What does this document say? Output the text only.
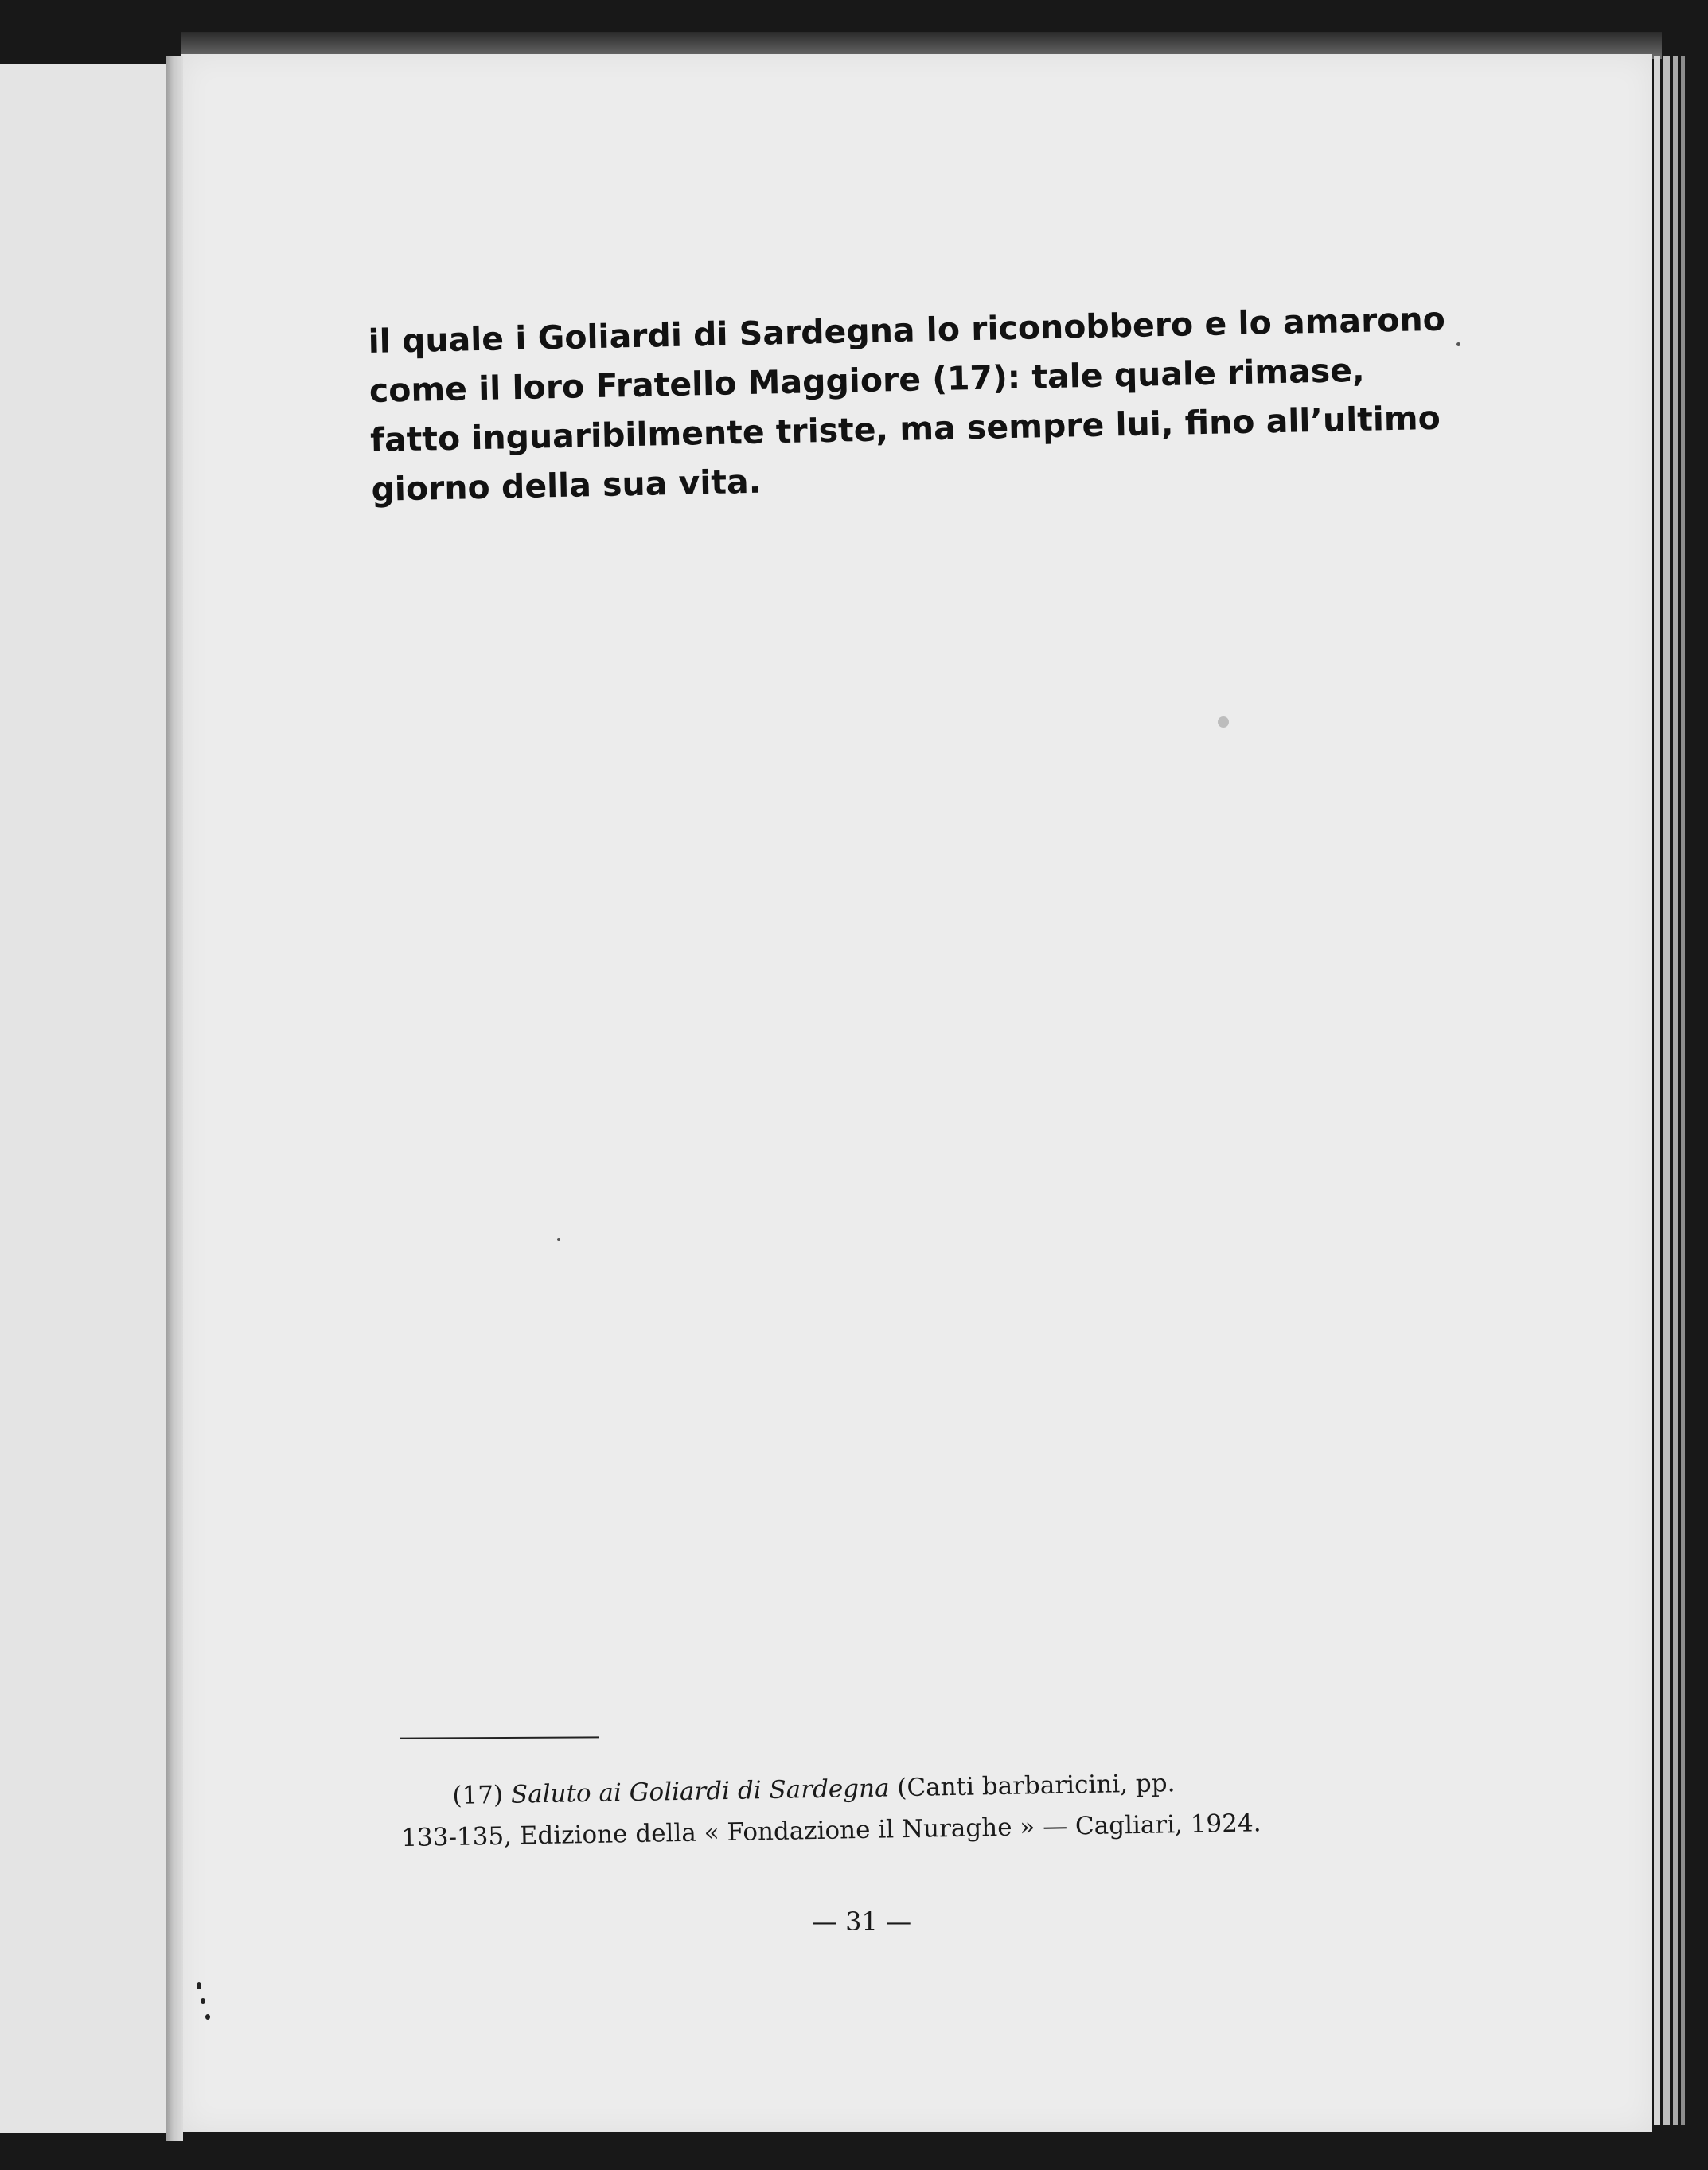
il quale i Goliardi di Sardegna lo riconobbero e lo amarono
come il loro Fratello Maggiore (17): tale quale rimase,
fatto inguaribilmente triste, ma sempre lui, fino all’ultimo
giorno della sua vita.
(17) Saluto ai Goliardi di Sardegna (Canti barbaricini, pp.
133-135, Edizione della « Fondazione il Nuraghe » — Cagliari, 1924.
— 31 —
